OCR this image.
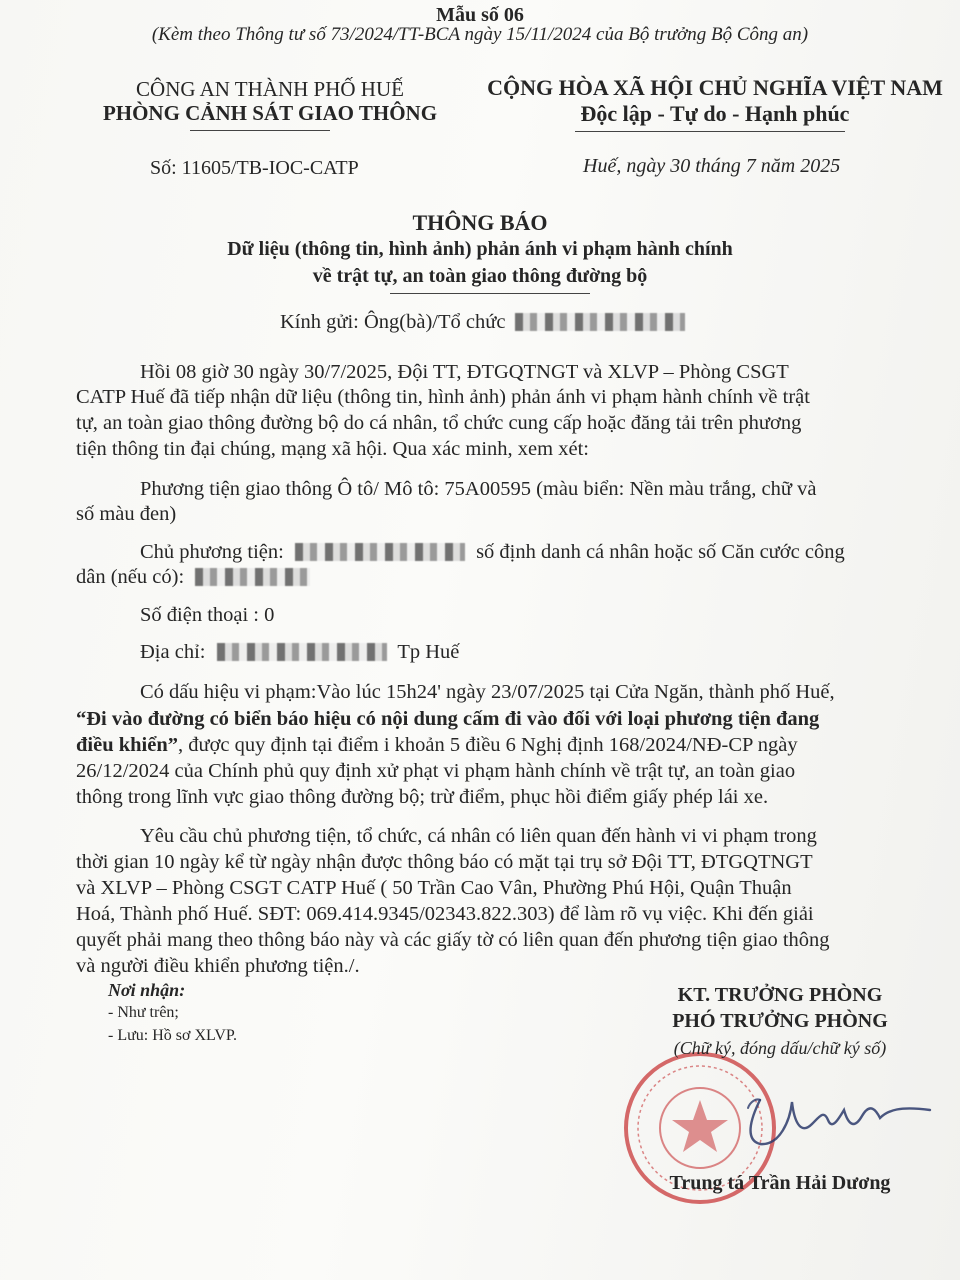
Mẫu số 06
(Kèm theo Thông tư số 73/2024/TT-BCA ngày 15/11/2024 của Bộ trưởng Bộ Công an)
CÔNG AN THÀNH PHỐ HUẾ
PHÒNG CẢNH SÁT GIAO THÔNG
CỘNG HÒA XÃ HỘI CHỦ NGHĨA VIỆT NAM
Độc lập - Tự do - Hạnh phúc
Số: 11605/TB-IOC-CATP	Huế, ngày 30 tháng 7 năm 2025
THÔNG BÁO
Dữ liệu (thông tin, hình ảnh) phản ánh vi phạm hành chính
về trật tự, an toàn giao thông đường bộ
Kính gửi: Ông(bà)/Tổ chức
Hồi 08 giờ 30 ngày 30/7/2025, Đội TT, ĐTGQTNGT và XLVP – Phòng CSGT
CATP Huế đã tiếp nhận dữ liệu (thông tin, hình ảnh) phản ánh vi phạm hành chính về trật
tự, an toàn giao thông đường bộ do cá nhân, tổ chức cung cấp hoặc đăng tải trên phương
tiện thông tin đại chúng, mạng xã hội. Qua xác minh, xem xét:
Phương tiện giao thông Ô tô/ Mô tô: 75A00595 (màu biển: Nền màu trắng, chữ và
số màu đen)
Chủ phương tiện:	số định danh cá nhân hoặc số Căn cước công
dân (nếu có):
Số điện thoại : 0
Địa chỉ:	Tp Huế
Có dấu hiệu vi phạm:Vào lúc 15h24' ngày 23/07/2025 tại Cửa Ngăn, thành phố Huế,
“Đi vào đường có biển báo hiệu có nội dung cấm đi vào đối với loại phương tiện đang
điều khiển”, được quy định tại điểm i khoản 5 điều 6 Nghị định 168/2024/NĐ-CP ngày
26/12/2024 của Chính phủ quy định xử phạt vi phạm hành chính về trật tự, an toàn giao
thông trong lĩnh vực giao thông đường bộ; trừ điểm, phục hồi điểm giấy phép lái xe.
Yêu cầu chủ phương tiện, tổ chức, cá nhân có liên quan đến hành vi vi phạm trong
thời gian 10 ngày kể từ ngày nhận được thông báo có mặt tại trụ sở Đội TT, ĐTGQTNGT
và XLVP – Phòng CSGT CATP Huế ( 50 Trần Cao Vân, Phường Phú Hội, Quận Thuận
Hoá, Thành phố Huế. SĐT: 069.414.9345/02343.822.303) để làm rõ vụ việc. Khi đến giải
quyết phải mang theo thông báo này và các giấy tờ có liên quan đến phương tiện giao thông
và người điều khiển phương tiện./.
Nơi nhận:
- Như trên;
- Lưu: Hồ sơ XLVP.
KT. TRƯỞNG PHÒNG
PHÓ TRƯỞNG PHÒNG
(Chữ ký, đóng dấu/chữ ký số)
Trung tá Trần Hải Dương
